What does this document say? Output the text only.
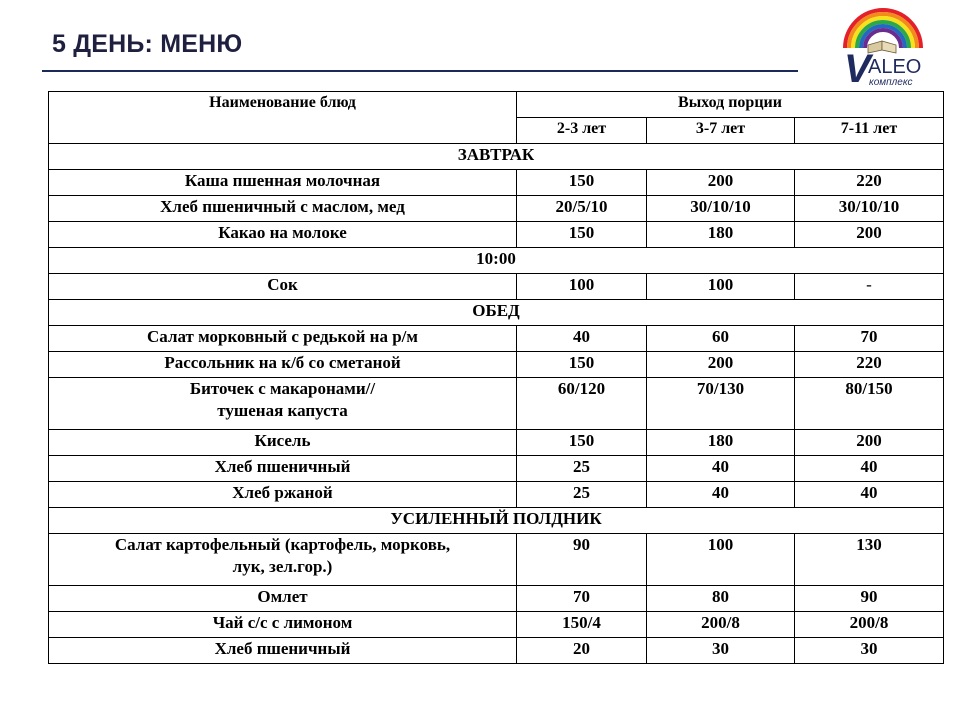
5 ДЕНЬ: МЕНЮ
V
ALEO
комплекс
Наименование блюд	Выход порции		
	2-3 лет	3-7 лет	7-11 лет
ЗАВТРАК			
Каша пшенная молочная	150	200	220
Хлеб пшеничный с маслом, мед	20/5/10	30/10/10	30/10/10
Какао на молоке	150	180	200
10:00			
Сок	100	100	-
ОБЕД			
Салат морковный с редькой на р/м	40	60	70
Рассольник на к/б со сметаной	150	200	220
Биточек с макаронами//
тушеная капуста	60/120	70/130	80/150
Кисель	150	180	200
Хлеб пшеничный	25	40	40
Хлеб ржаной	25	40	40
УСИЛЕННЫЙ ПОЛДНИК			
Салат картофельный (картофель, морковь,
лук, зел.гор.)	90	100	130
Омлет	70	80	90
Чай с/с с лимоном	150/4	200/8	200/8
Хлеб пшеничный	20	30	30
